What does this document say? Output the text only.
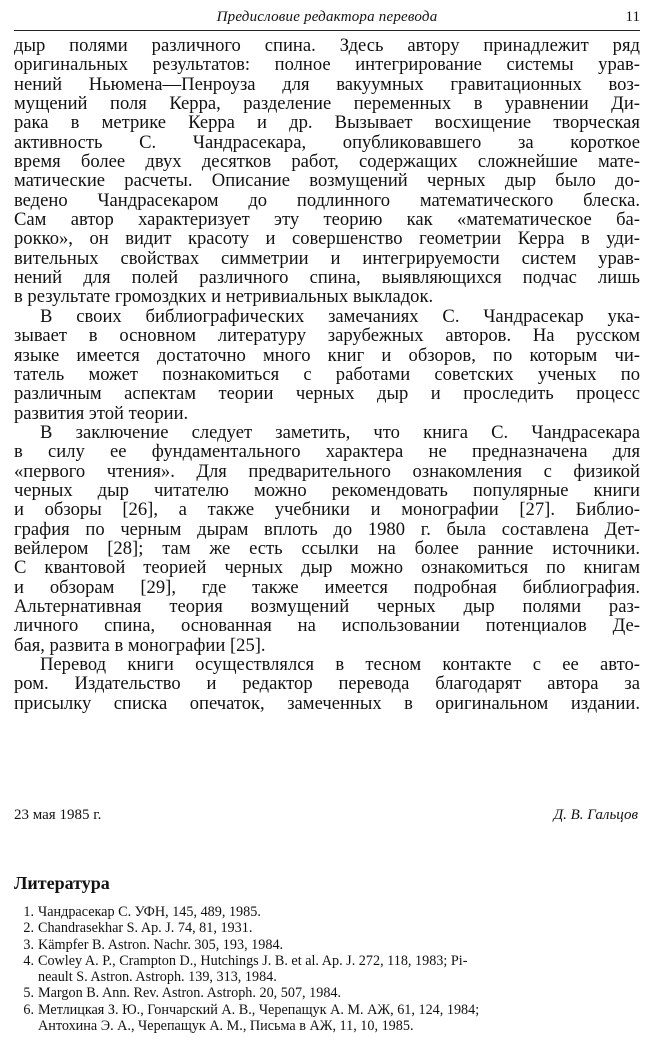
Предисловие редактора перевода	11
дыр полями различного спина. Здесь автору принадлежит ряд
оригинальных результатов: полное интегрирование системы урав-
нений Ньюмена—Пенроуза для вакуумных гравитационных воз-
мущений поля Керра, разделение переменных в уравнении Ди-
рака в метрике Керра и др. Вызывает восхищение творческая
активность С. Чандрасекара, опубликовавшего за короткое
время более двух десятков работ, содержащих сложнейшие мате-
матические расчеты. Описание возмущений черных дыр было до-
ведено Чандрасекаром до подлинного математического блеска.
Сам автор характеризует эту теорию как «математическое ба-
рокко», он видит красоту и совершенство геометрии Керра в уди-
вительных свойствах симметрии и интегрируемости систем урав-
нений для полей различного спина, выявляющихся подчас лишь
в результате громоздких и нетривиальных выкладок.
В своих библиографических замечаниях С. Чандрасекар ука-
зывает в основном литературу зарубежных авторов. На русском
языке имеется достаточно много книг и обзоров, по которым чи-
татель может познакомиться с работами советских ученых по
различным аспектам теории черных дыр и проследить процесс
развития этой теории.
В заключение следует заметить, что книга С. Чандрасекара
в силу ее фундаментального характера не предназначена для
«первого чтения». Для предварительного ознакомления с физикой
черных дыр читателю можно рекомендовать популярные книги
и обзоры [26], а также учебники и монографии [27]. Библио-
графия по черным дырам вплоть до 1980 г. была составлена Дет-
вейлером [28]; там же есть ссылки на более ранние источники.
С квантовой теорией черных дыр можно ознакомиться по книгам
и обзорам [29], где также имеется подробная библиография.
Альтернативная теория возмущений черных дыр полями раз-
личного спина, основанная на использовании потенциалов Де-
бая, развита в монографии [25].
Перевод книги осуществлялся в тесном контакте с ее авто-
ром. Издательство и редактор перевода благодарят автора за
присылку списка опечаток, замеченных в оригинальном издании.
23 мая 1985 г.	Д. В. Гальцов
Литература
1. Чандрасекар С. УФН, 145, 489, 1985.
2. Chandrasekhar S. Ap. J. 74, 81, 1931.
3. Kämpfer B. Astron. Nachr. 305, 193, 1984.
4. Cowley A. P., Crampton D., Hutchings J. B. et al. Ap. J. 272, 118, 1983; Pi-
neault S. Astron. Astroph. 139, 313, 1984.
5. Margon B. Ann. Rev. Astron. Astroph. 20, 507, 1984.
6. Метлицкая З. Ю., Гончарский А. В., Черепащук А. М. АЖ, 61, 124, 1984;
Антохина Э. А., Черепащук А. М., Письма в АЖ, 11, 10, 1985.
